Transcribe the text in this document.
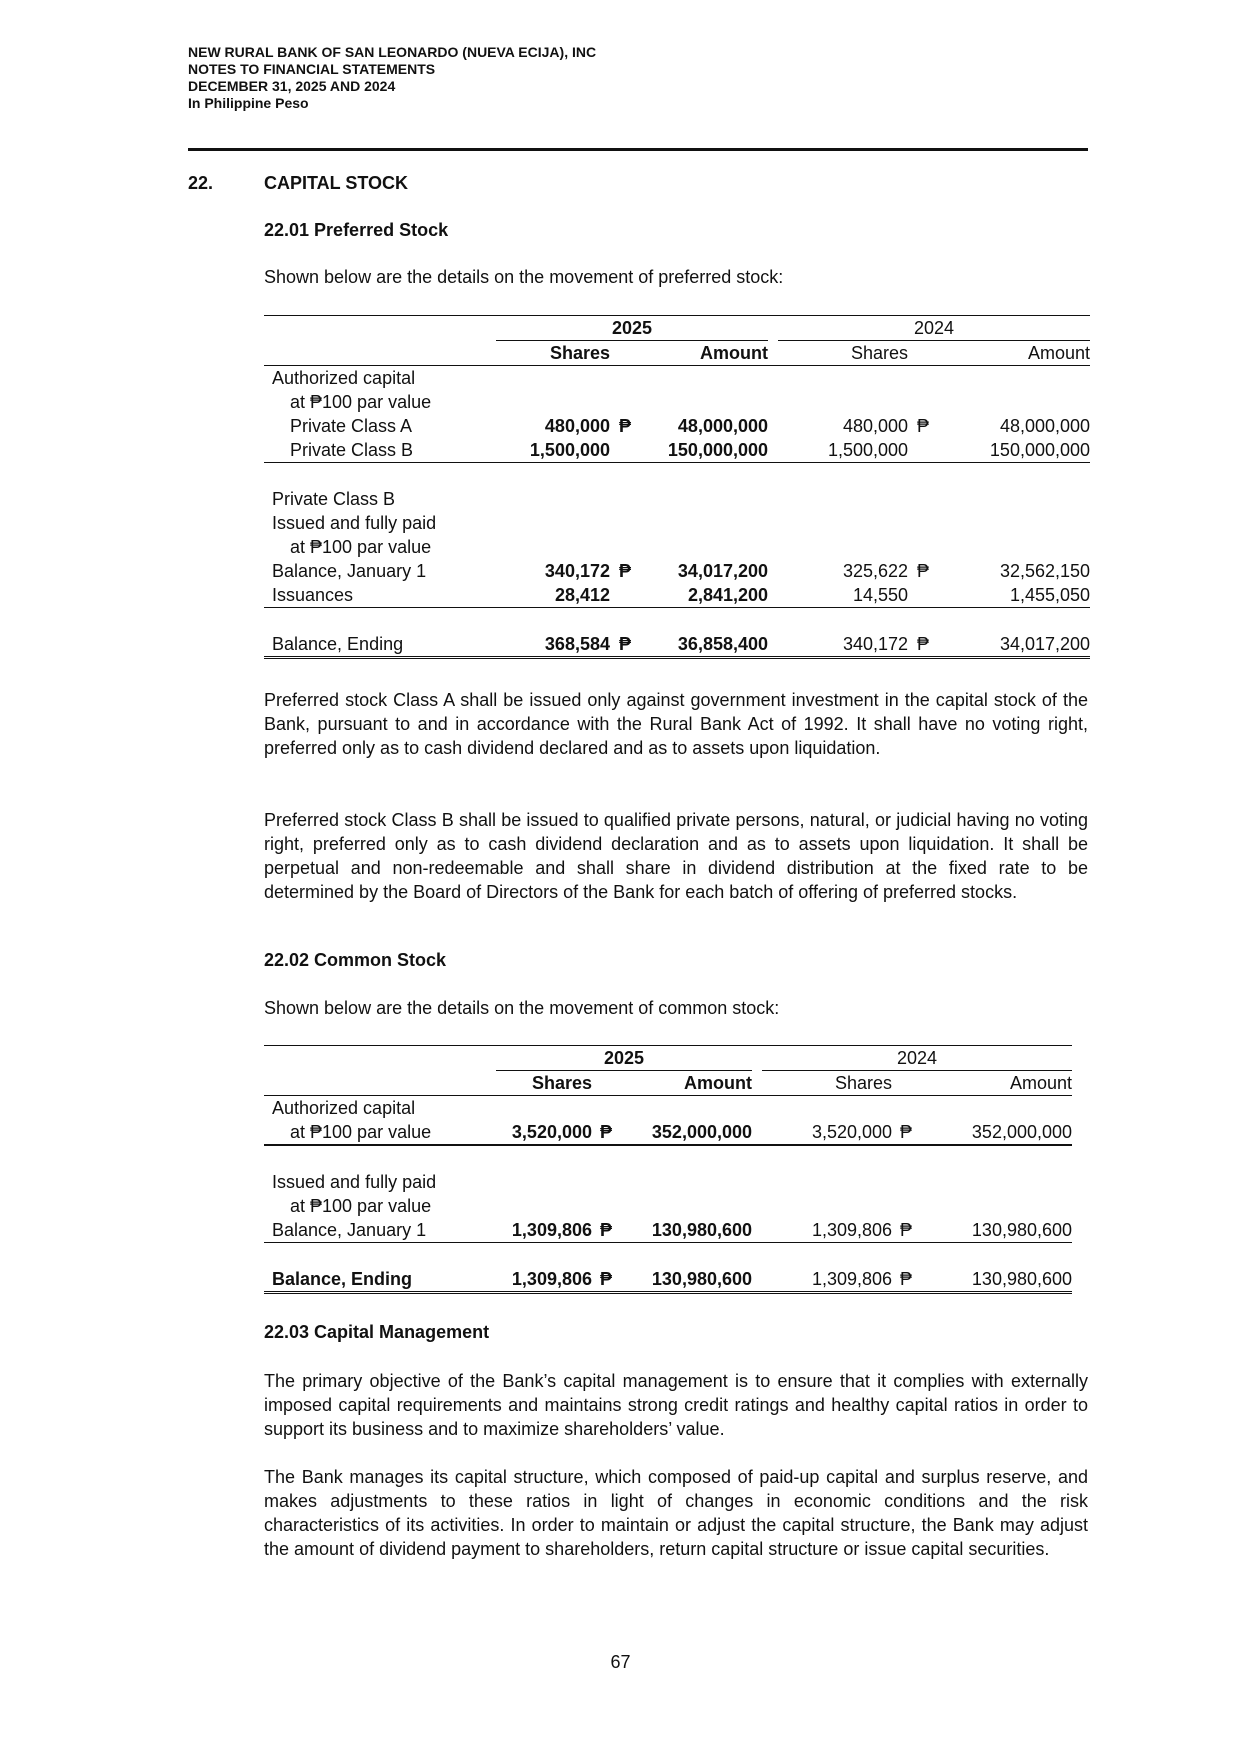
NEW RURAL BANK OF SAN LEONARDO (NUEVA ECIJA), INC
NOTES TO FINANCIAL STATEMENTS
DECEMBER 31, 2025 AND 2024
In Philippine Peso
22.	CAPITAL STOCK
22.01 Preferred Stock
Shown below are the details on the movement of preferred stock:
	2025				2024		
	Shares		Amount		Shares		Amount
Authorized capital							
at ₱100 par value							
Private Class A	480,000	₱	48,000,000		480,000	₱	48,000,000
Private Class B	1,500,000		150,000,000		1,500,000		150,000,000

Private Class B							
Issued and fully paid							
at ₱100 par value							
Balance, January 1	340,172	₱	34,017,200		325,622	₱	32,562,150
Issuances	28,412		2,841,200		14,550		1,455,050

Balance, Ending	368,584	₱	36,858,400		340,172	₱	34,017,200

Preferred stock Class A shall be issued only against government investment in the capital stock of the Bank, pursuant to and in accordance with the Rural Bank Act of 1992. It shall have no voting right, preferred only as to cash dividend declared and as to assets upon liquidation.

Preferred stock Class B shall be issued to qualified private persons, natural, or judicial having no voting right, preferred only as to cash dividend declaration and as to assets upon liquidation. It shall be perpetual and non-redeemable and shall share in dividend distribution at the fixed rate to be determined by the Board of Directors of the Bank for each batch of offering of preferred stocks.

22.02 Common Stock
Shown below are the details on the movement of common stock:
	2025				2024		
	Shares		Amount		Shares		Amount
Authorized capital							
at ₱100 par value	3,520,000	₱	352,000,000		3,520,000	₱	352,000,000

Issued and fully paid							
at ₱100 par value							
Balance, January 1	1,309,806	₱	130,980,600		1,309,806	₱	130,980,600

Balance, Ending	1,309,806	₱	130,980,600		1,309,806	₱	130,980,600
22.03 Capital Management

The primary objective of the Bank’s capital management is to ensure that it complies with externally imposed capital requirements and maintains strong credit ratings and healthy capital ratios in order to support its business and to maximize shareholders’ value.

The Bank manages its capital structure, which composed of paid-up capital and surplus reserve, and makes adjustments to these ratios in light of changes in economic conditions and the risk characteristics of its activities. In order to maintain or adjust the capital structure, the Bank may adjust the amount of dividend payment to shareholders, return capital structure or issue capital securities.

67
